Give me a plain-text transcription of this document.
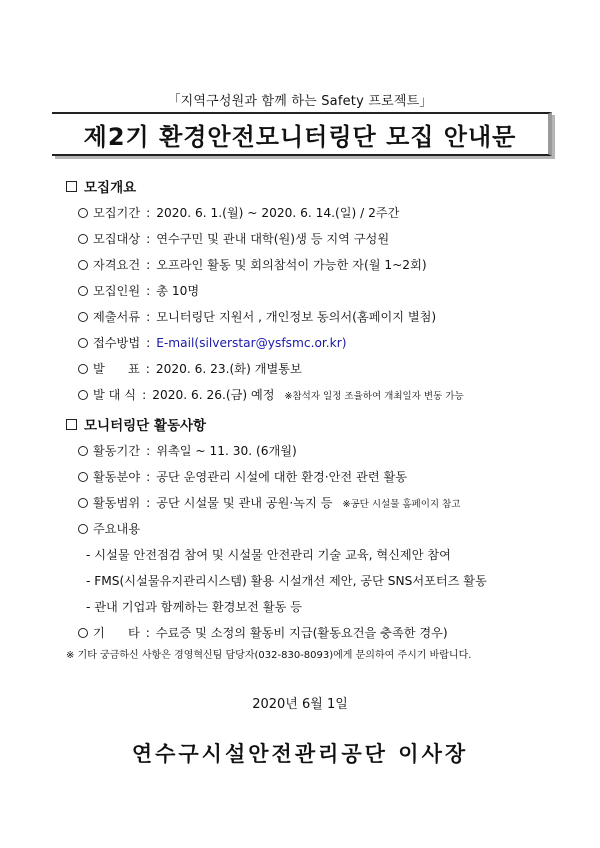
「지역구성원과 함께 하는 Safety 프로젝트」
제2기 환경안전모니터링단 모집 안내문
모집개요
모집기간 : 2020. 6. 1.(월) ~ 2020. 6. 14.(일) / 2주간
모집대상 : 연수구민 및 관내 대학(원)생 등 지역 구성원
자격요건 : 오프라인 활동 및 회의참석이 가능한 자(월 1~2회)
모집인원 : 총 10명
제출서류 : 모니터링단 지원서 , 개인정보 동의서(홈페이지 별첨)
접수방법 : E-mail(silverstar@ysfsmc.or.kr)
발      표 : 2020. 6. 23.(화) 개별통보
발 대 식 : 2020. 6. 26.(금) 예정 ※참석자 일정 조율하여 개최일자 변동 가능
모니터링단 활동사항
활동기간 : 위촉일 ~ 11. 30. (6개월)
활동분야 : 공단 운영관리 시설에 대한 환경·안전 관련 활동
활동범위 : 공단 시설물 및 관내 공원·녹지 등 ※공단 시설물 홈페이지 참고
주요내용
- 시설물 안전점검 참여 및 시설물 안전관리 기술 교육, 혁신제안 참여
- FMS(시설물유지관리시스템) 활용 시설개선 제안, 공단 SNS서포터즈 활동
- 관내 기업과 함께하는 환경보전 활동 등
기      타 : 수료증 및 소정의 활동비 지급(활동요건을 충족한 경우)
※ 기타 궁금하신 사항은 경영혁신팀 담당자(032-830-8093)에게 문의하여 주시기 바랍니다.
2020년 6월 1일
연수구시설안전관리공단 이사장
